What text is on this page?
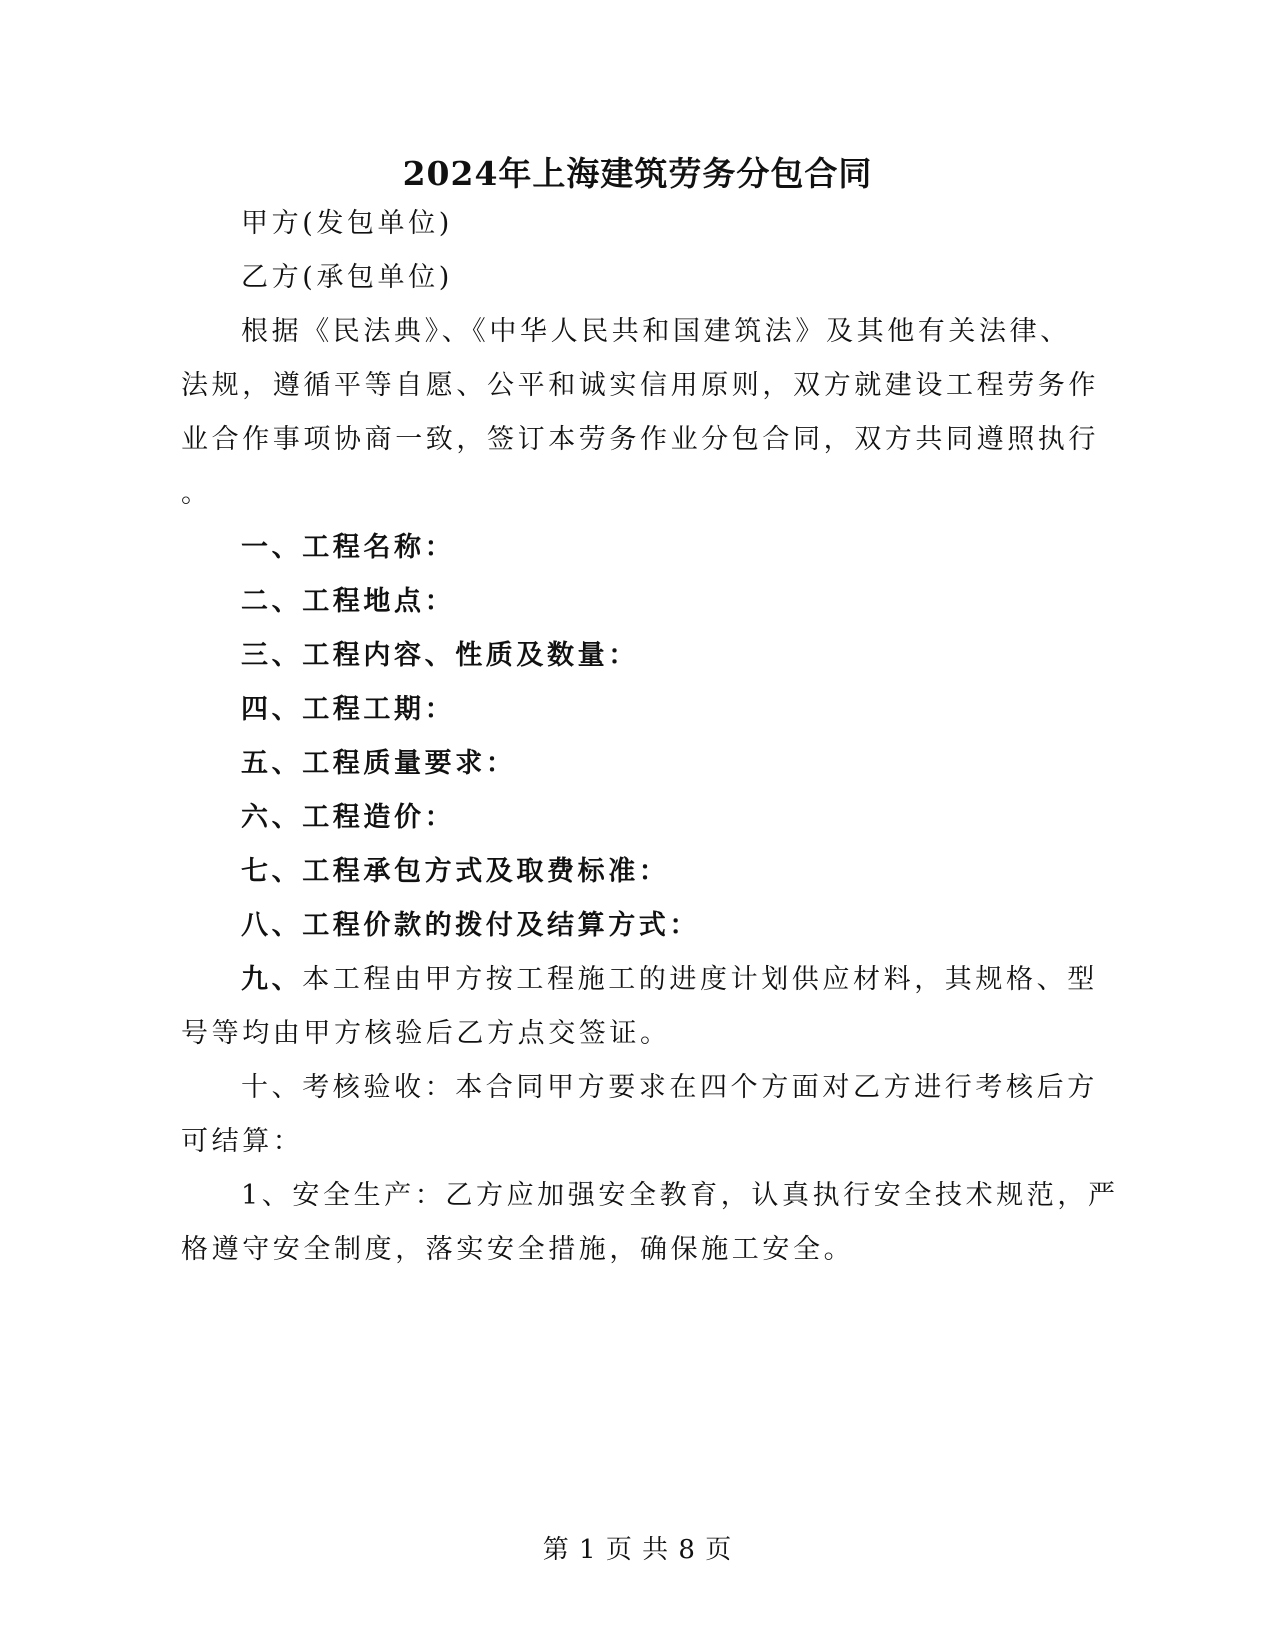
2024年上海建筑劳务分包合同
甲方(发包单位)
乙方(承包单位)
根据《民法典》、《中华人民共和国建筑法》及其他有关法律、
法规，遵循平等自愿、公平和诚实信用原则，双方就建设工程劳务作
业合作事项协商一致，签订本劳务作业分包合同，双方共同遵照执行
。
一、工程名称：
二、工程地点：
三、工程内容、性质及数量：
四、工程工期：
五、工程质量要求：
六、工程造价：
七、工程承包方式及取费标准：
八、工程价款的拨付及结算方式：
九、本工程由甲方按工程施工的进度计划供应材料，其规格、型
号等均由甲方核验后乙方点交签证。
十、考核验收：本合同甲方要求在四个方面对乙方进行考核后方
可结算：
1、安全生产：乙方应加强安全教育，认真执行安全技术规范，严
格遵守安全制度，落实安全措施，确保施工安全。
第 1 页 共 8 页
